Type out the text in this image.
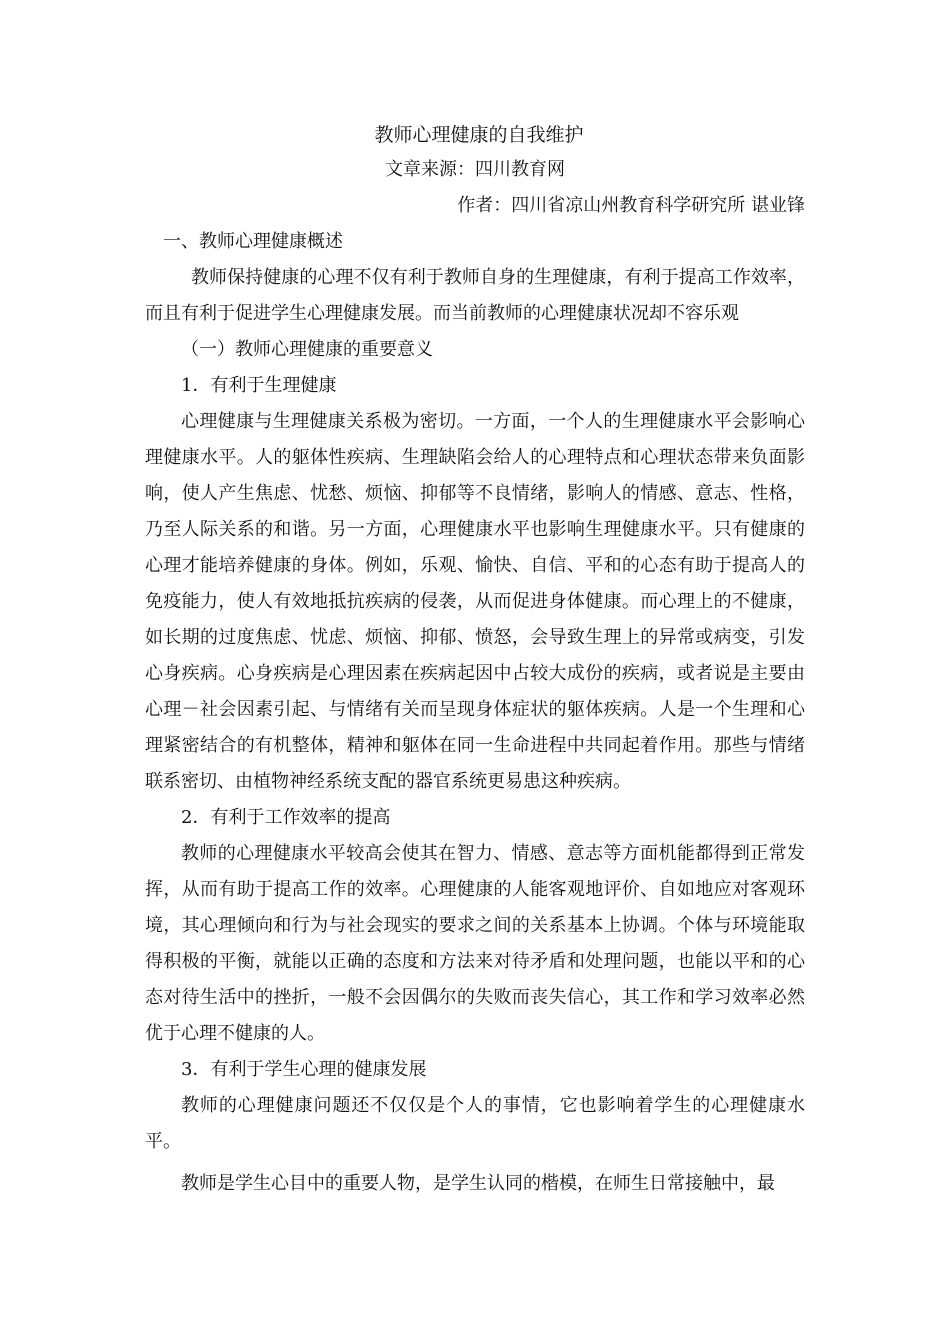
教师心理健康的自我维护

文章来源：四川教育网

作者：四川省凉山州教育科学研究所 谌业锋

一、教师心理健康概述

教师保持健康的心理不仅有利于教师自身的生理健康，有利于提高工作效率，而且有利于促进学生心理健康发展。而当前教师的心理健康状况却不容乐观

（一）教师心理健康的重要意义

1．有利于生理健康

心理健康与生理健康关系极为密切。一方面，一个人的生理健康水平会影响心理健康水平。人的躯体性疾病、生理缺陷会给人的心理特点和心理状态带来负面影响，使人产生焦虑、忧愁、烦恼、抑郁等不良情绪，影响人的情感、意志、性格，乃至人际关系的和谐。另一方面，心理健康水平也影响生理健康水平。只有健康的心理才能培养健康的身体。例如，乐观、愉快、自信、平和的心态有助于提高人的免疫能力，使人有效地抵抗疾病的侵袭，从而促进身体健康。而心理上的不健康，如长期的过度焦虑、忧虑、烦恼、抑郁、愤怒，会导致生理上的异常或病变，引发心身疾病。心身疾病是心理因素在疾病起因中占较大成份的疾病，或者说是主要由心理－社会因素引起、与情绪有关而呈现身体症状的躯体疾病。人是一个生理和心理紧密结合的有机整体，精神和躯体在同一生命进程中共同起着作用。那些与情绪联系密切、由植物神经系统支配的器官系统更易患这种疾病。

2．有利于工作效率的提高

教师的心理健康水平较高会使其在智力、情感、意志等方面机能都得到正常发挥，从而有助于提高工作的效率。心理健康的人能客观地评价、自如地应对客观环境，其心理倾向和行为与社会现实的要求之间的关系基本上协调。个体与环境能取得积极的平衡，就能以正确的态度和方法来对待矛盾和处理问题，也能以平和的心态对待生活中的挫折，一般不会因偶尔的失败而丧失信心，其工作和学习效率必然优于心理不健康的人。

3．有利于学生心理的健康发展

教师的心理健康问题还不仅仅是个人的事情，它也影响着学生的心理健康水平。

教师是学生心目中的重要人物，是学生认同的楷模，在师生日常接触中，最
